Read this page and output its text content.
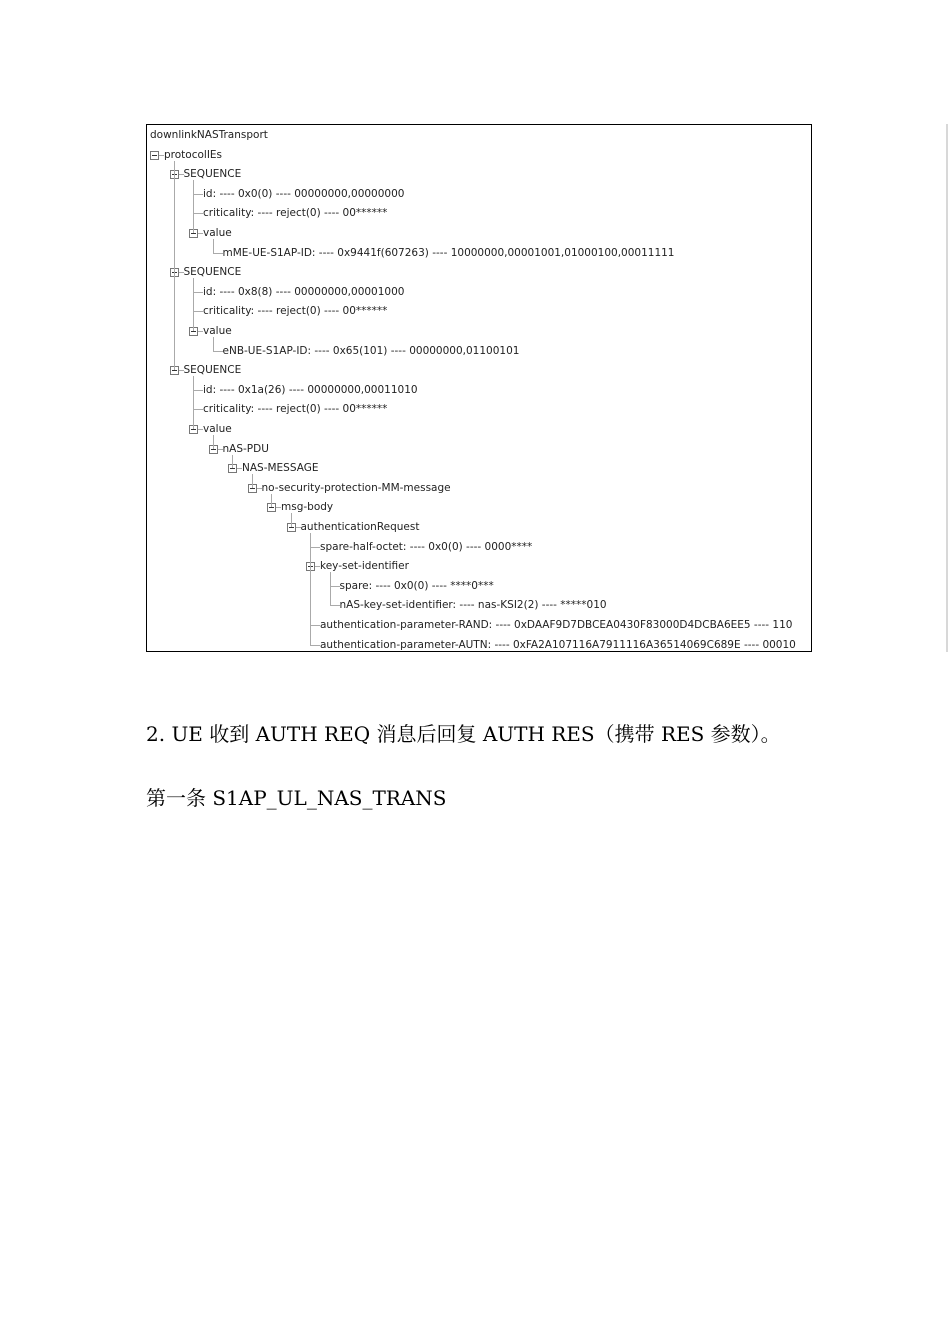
downlinkNASTransport
protocolIEs
SEQUENCE
id: ---- 0x0(0) ---- 00000000,00000000
criticality: ---- reject(0) ---- 00******
value
mME-UE-S1AP-ID: ---- 0x9441f(607263) ---- 10000000,00001001,01000100,00011111
SEQUENCE
id: ---- 0x8(8) ---- 00000000,00001000
criticality: ---- reject(0) ---- 00******
value
eNB-UE-S1AP-ID: ---- 0x65(101) ---- 00000000,01100101
SEQUENCE
id: ---- 0x1a(26) ---- 00000000,00011010
criticality: ---- reject(0) ---- 00******
value
nAS-PDU
NAS-MESSAGE
no-security-protection-MM-message
msg-body
authenticationRequest
spare-half-octet: ---- 0x0(0) ---- 0000****
key-set-identifier
spare: ---- 0x0(0) ---- ****0***
nAS-key-set-identifier: ---- nas-KSI2(2) ---- *****010
authentication-parameter-RAND: ---- 0xDAAF9D7DBCEA0430F83000D4DCBA6EE5 ---- 110
authentication-parameter-AUTN: ---- 0xFA2A107116A7911116A36514069C689E ---- 00010
2. UE 收到 AUTH REQ 消息后回复 AUTH RES（携带 RES 参数）。
第一条 S1AP_UL_NAS_TRANS
